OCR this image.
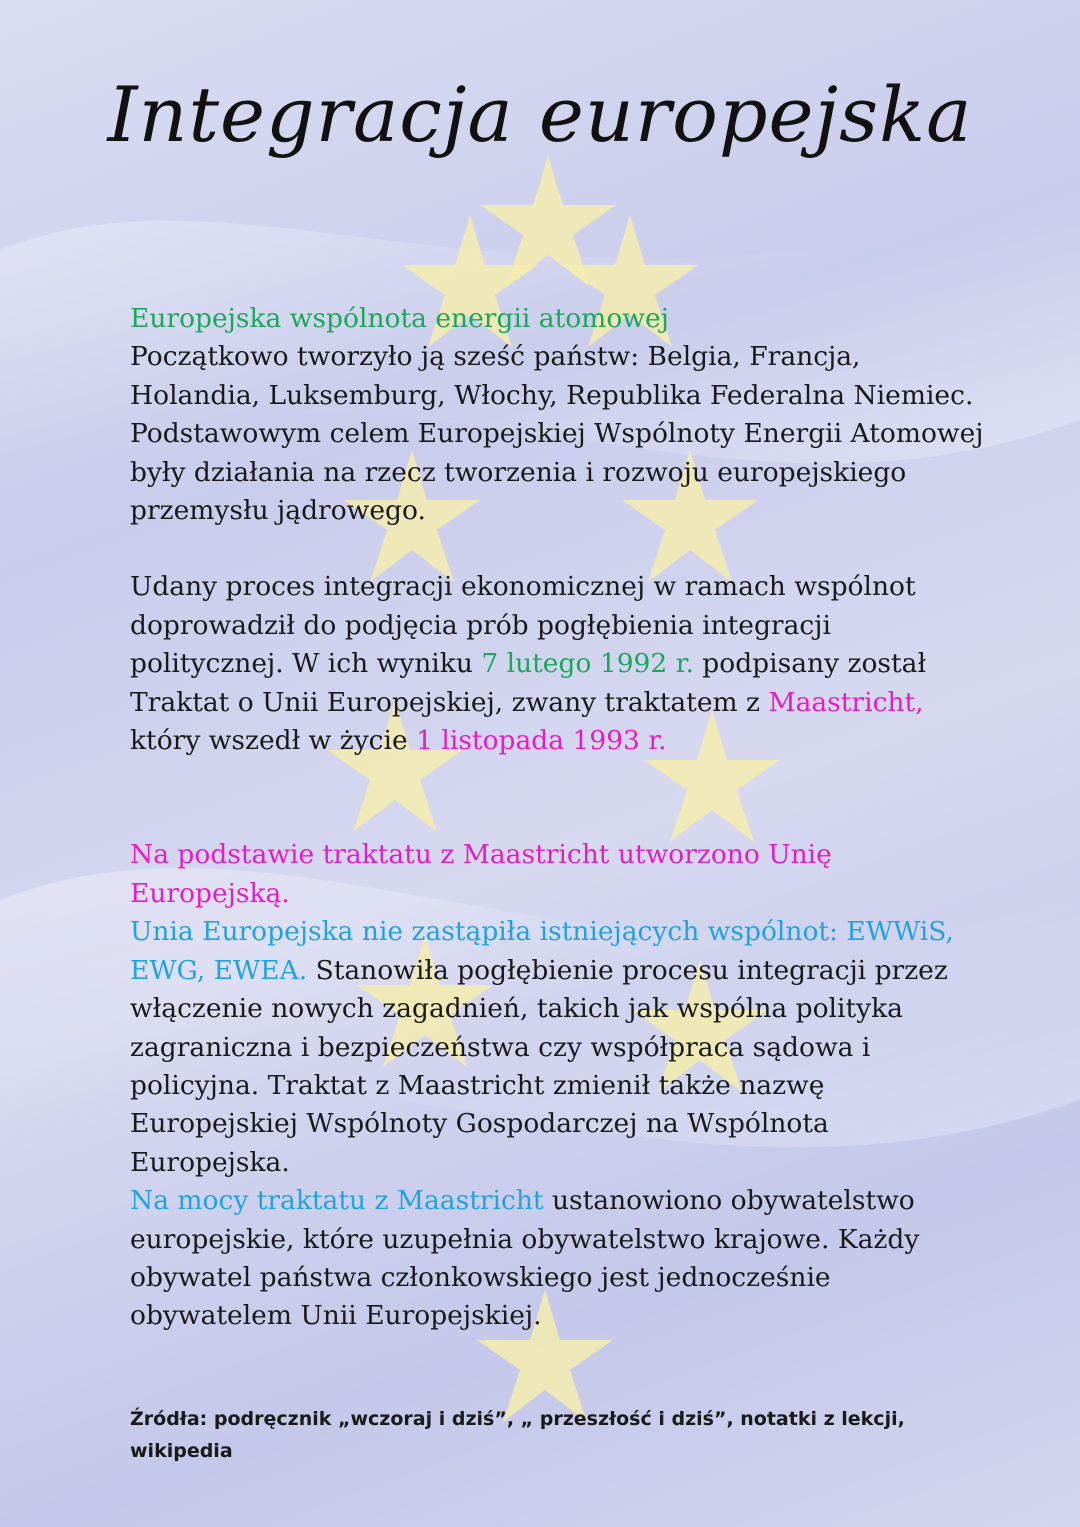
Integracja europejska

Europejska wspólnota energii atomowej

Początkowo tworzyło ją sześć państw: Belgia, Francja, Holandia, Luksemburg, Włochy, Republika Federalna Niemiec. Podstawowym celem Europejskiej Wspólnoty Energii Atomowej były działania na rzecz tworzenia i rozwoju europejskiego przemysłu jądrowego.

Udany proces integracji ekonomicznej w ramach wspólnot doprowadził do podjęcia prób pogłębienia integracji politycznej. W ich wyniku 7 lutego 1992 r. podpisany został Traktat o Unii Europejskiej, zwany traktatem z Maastricht, który wszedł w życie 1 listopada 1993 r.

Na podstawie traktatu z Maastricht utworzono Unię Europejską.

Unia Europejska nie zastąpiła istniejących wspólnot: EWWiS, EWG, EWEA. Stanowiła pogłębienie procesu integracji przez włączenie nowych zagadnień, takich jak wspólna polityka zagraniczna i bezpieczeństwa czy współpraca sądowa i policyjna. Traktat z Maastricht zmienił także nazwę Europejskiej Wspólnoty Gospodarczej na Wspólnota Europejska.

Na mocy traktatu z Maastricht ustanowiono obywatelstwo europejskie, które uzupełnia obywatelstwo krajowe. Każdy obywatel państwa członkowskiego jest jednocześnie obywatelem Unii Europejskiej.

Źródła: podręcznik „wczoraj i dziś”, „ przeszłość i dziś”, notatki z lekcji, wikipedia
